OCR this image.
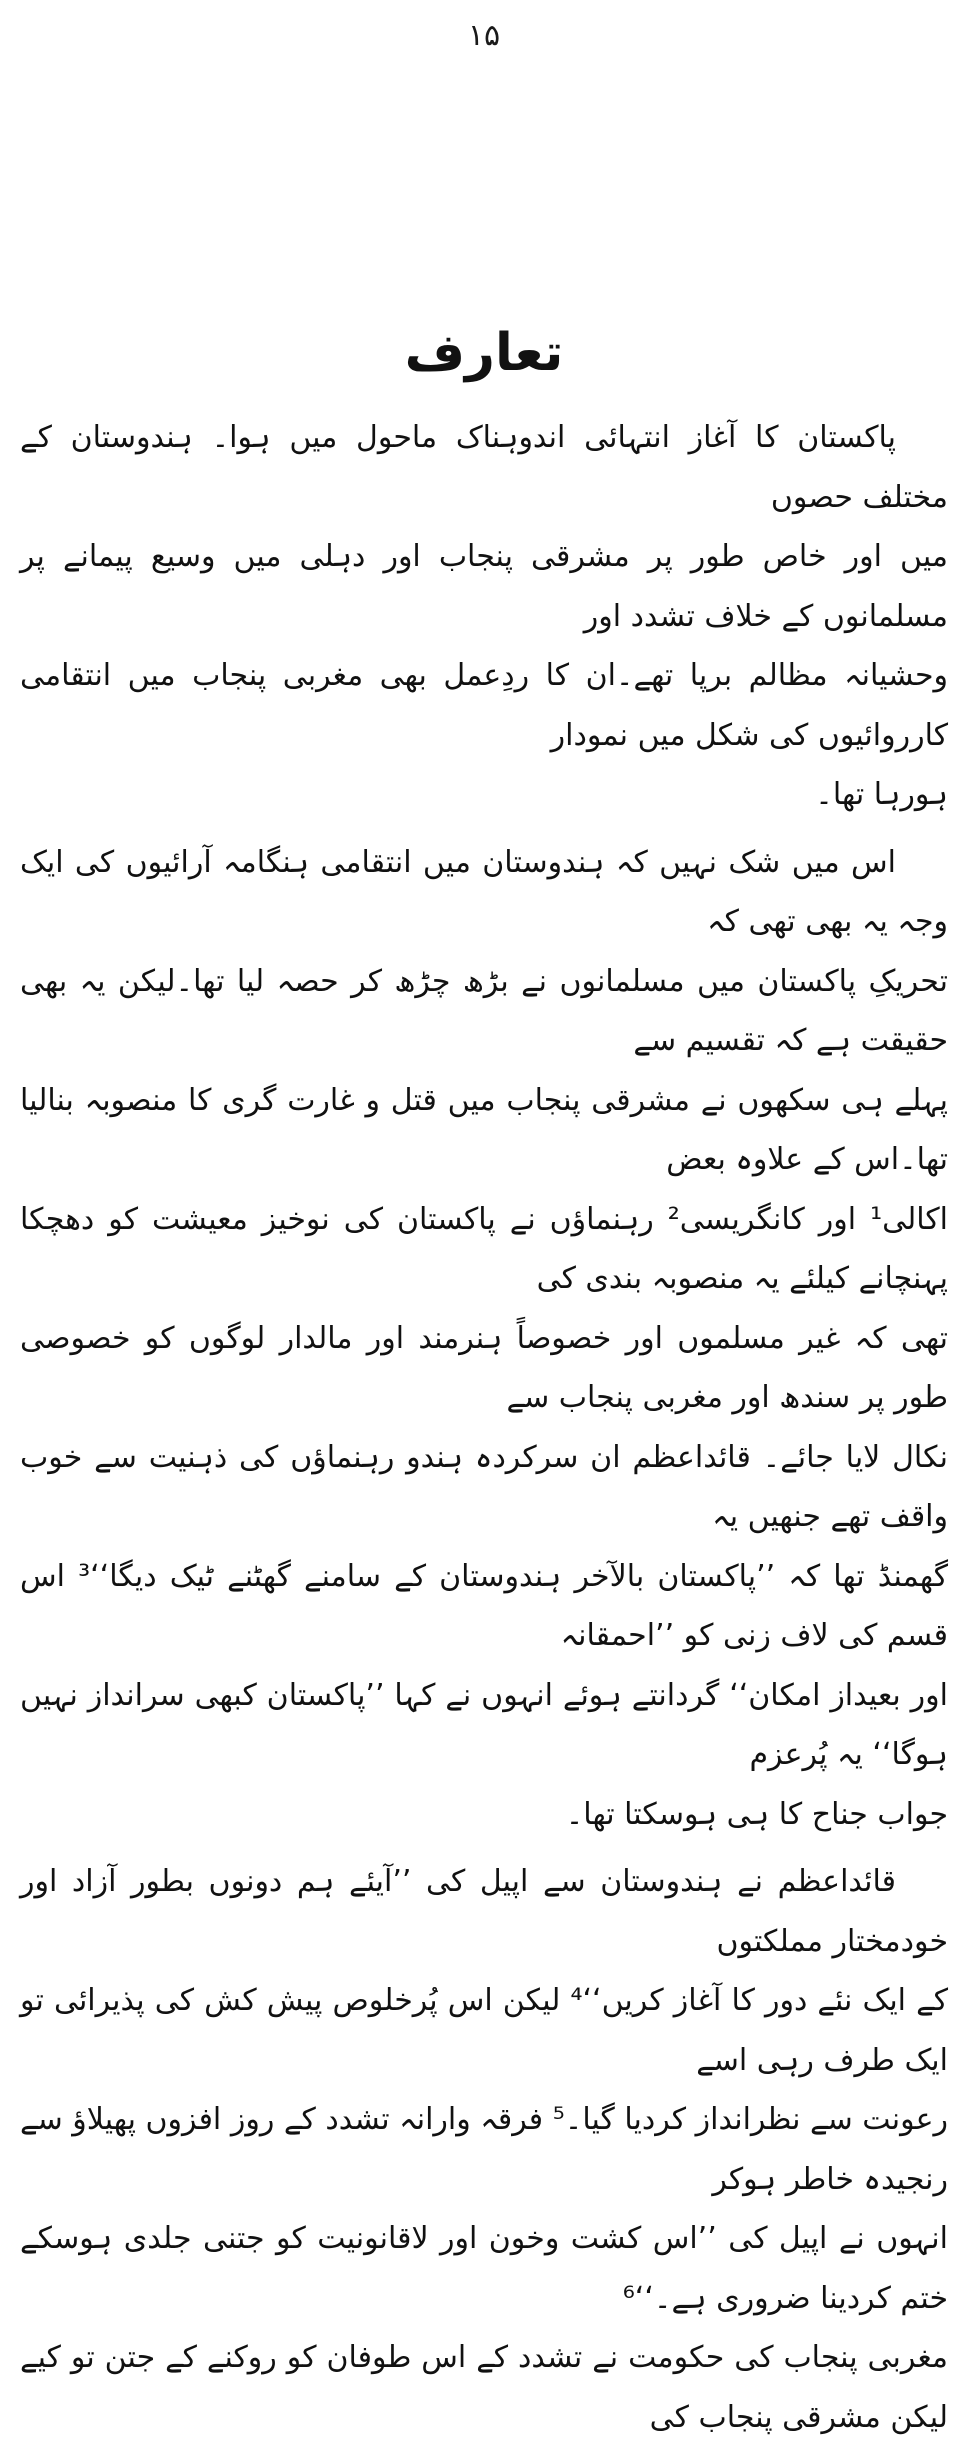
۱۵
تعارف

پاکستان کا آغاز انتہائی اندوہناک ماحول میں ہوا۔ ہندوستان کے مختلف حصوں

میں اور خاص طور پر مشرقی پنجاب اور دہلی میں وسیع پیمانے پر مسلمانوں کے خلاف تشدد اور

وحشیانہ مظالم برپا تھے۔ان کا ردِعمل بھی مغربی پنجاب میں انتقامی کارروائیوں کی شکل میں نمودار

ہورہا تھا۔

اس میں شک نہیں کہ ہندوستان میں انتقامی ہنگامہ آرائیوں کی ایک وجہ یہ بھی تھی کہ

تحریکِ پاکستان میں مسلمانوں نے بڑھ چڑھ کر حصہ لیا تھا۔لیکن یہ بھی حقیقت ہے کہ تقسیم سے

پہلے ہی سکھوں نے مشرقی پنجاب میں قتل و غارت گری کا منصوبہ بنالیا تھا۔اس کے علاوہ بعض

اکالی¹ اور کانگریسی² رہنماؤں نے پاکستان کی نوخیز معیشت کو دھچکا پہنچانے کیلئے یہ منصوبہ بندی کی

تھی کہ غیر مسلموں اور خصوصاً ہنرمند اور مالدار لوگوں کو خصوصی طور پر سندھ اور مغربی پنجاب سے

نکال لایا جائے۔ قائداعظم ان سرکردہ ہندو رہنماؤں کی ذہنیت سے خوب واقف تھے جنھیں یہ

گھمنڈ تھا کہ ’’پاکستان بالآخر ہندوستان کے سامنے گھٹنے ٹیک دیگا‘‘³ اس قسم کی لاف زنی کو ’’احمقانہ

اور بعیداز امکان‘‘ گردانتے ہوئے انہوں نے کہا ’’پاکستان کبھی سرانداز نہیں ہوگا‘‘ یہ پُرعزم

جواب جناح کا ہی ہوسکتا تھا۔

قائداعظم نے ہندوستان سے اپیل کی ’’آیئے ہم دونوں بطور آزاد اور خودمختار مملکتوں

کے ایک نئے دور کا آغاز کریں‘‘⁴ لیکن اس پُرخلوص پیش کش کی پذیرائی تو ایک طرف رہی اسے

رعونت سے نظرانداز کردیا گیا۔⁵ فرقہ وارانہ تشدد کے روز افزوں پھیلاؤ سے رنجیدہ خاطر ہوکر

انہوں نے اپیل کی ’’اس کشت وخون اور لاقانونیت کو جتنی جلدی ہوسکے ختم کردینا ضروری ہے۔‘‘⁶

مغربی پنجاب کی حکومت نے تشدد کے اس طوفان کو روکنے کے جتن تو کیے لیکن مشرقی پنجاب کی
